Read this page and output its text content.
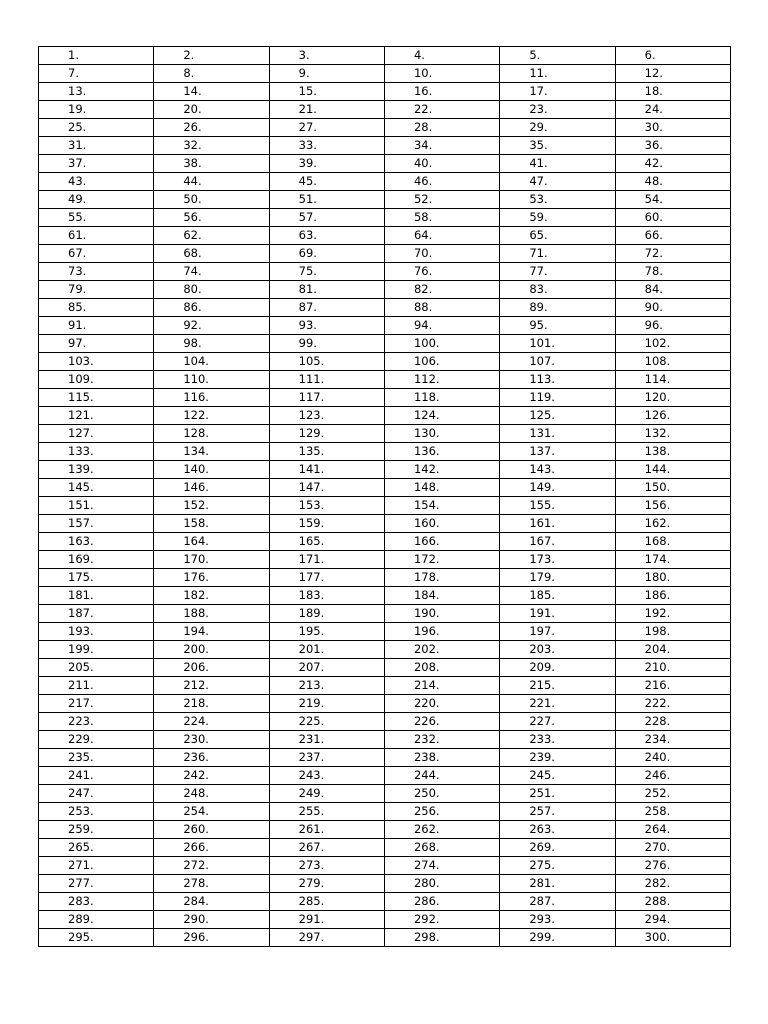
1.	2.	3.	4.	5.	6.
7.	8.	9.	10.	11.	12.
13.	14.	15.	16.	17.	18.
19.	20.	21.	22.	23.	24.
25.	26.	27.	28.	29.	30.
31.	32.	33.	34.	35.	36.
37.	38.	39.	40.	41.	42.
43.	44.	45.	46.	47.	48.
49.	50.	51.	52.	53.	54.
55.	56.	57.	58.	59.	60.
61.	62.	63.	64.	65.	66.
67.	68.	69.	70.	71.	72.
73.	74.	75.	76.	77.	78.
79.	80.	81.	82.	83.	84.
85.	86.	87.	88.	89.	90.
91.	92.	93.	94.	95.	96.
97.	98.	99.	100.	101.	102.
103.	104.	105.	106.	107.	108.
109.	110.	111.	112.	113.	114.
115.	116.	117.	118.	119.	120.
121.	122.	123.	124.	125.	126.
127.	128.	129.	130.	131.	132.
133.	134.	135.	136.	137.	138.
139.	140.	141.	142.	143.	144.
145.	146.	147.	148.	149.	150.
151.	152.	153.	154.	155.	156.
157.	158.	159.	160.	161.	162.
163.	164.	165.	166.	167.	168.
169.	170.	171.	172.	173.	174.
175.	176.	177.	178.	179.	180.
181.	182.	183.	184.	185.	186.
187.	188.	189.	190.	191.	192.
193.	194.	195.	196.	197.	198.
199.	200.	201.	202.	203.	204.
205.	206.	207.	208.	209.	210.
211.	212.	213.	214.	215.	216.
217.	218.	219.	220.	221.	222.
223.	224.	225.	226.	227.	228.
229.	230.	231.	232.	233.	234.
235.	236.	237.	238.	239.	240.
241.	242.	243.	244.	245.	246.
247.	248.	249.	250.	251.	252.
253.	254.	255.	256.	257.	258.
259.	260.	261.	262.	263.	264.
265.	266.	267.	268.	269.	270.
271.	272.	273.	274.	275.	276.
277.	278.	279.	280.	281.	282.
283.	284.	285.	286.	287.	288.
289.	290.	291.	292.	293.	294.
295.	296.	297.	298.	299.	300.
